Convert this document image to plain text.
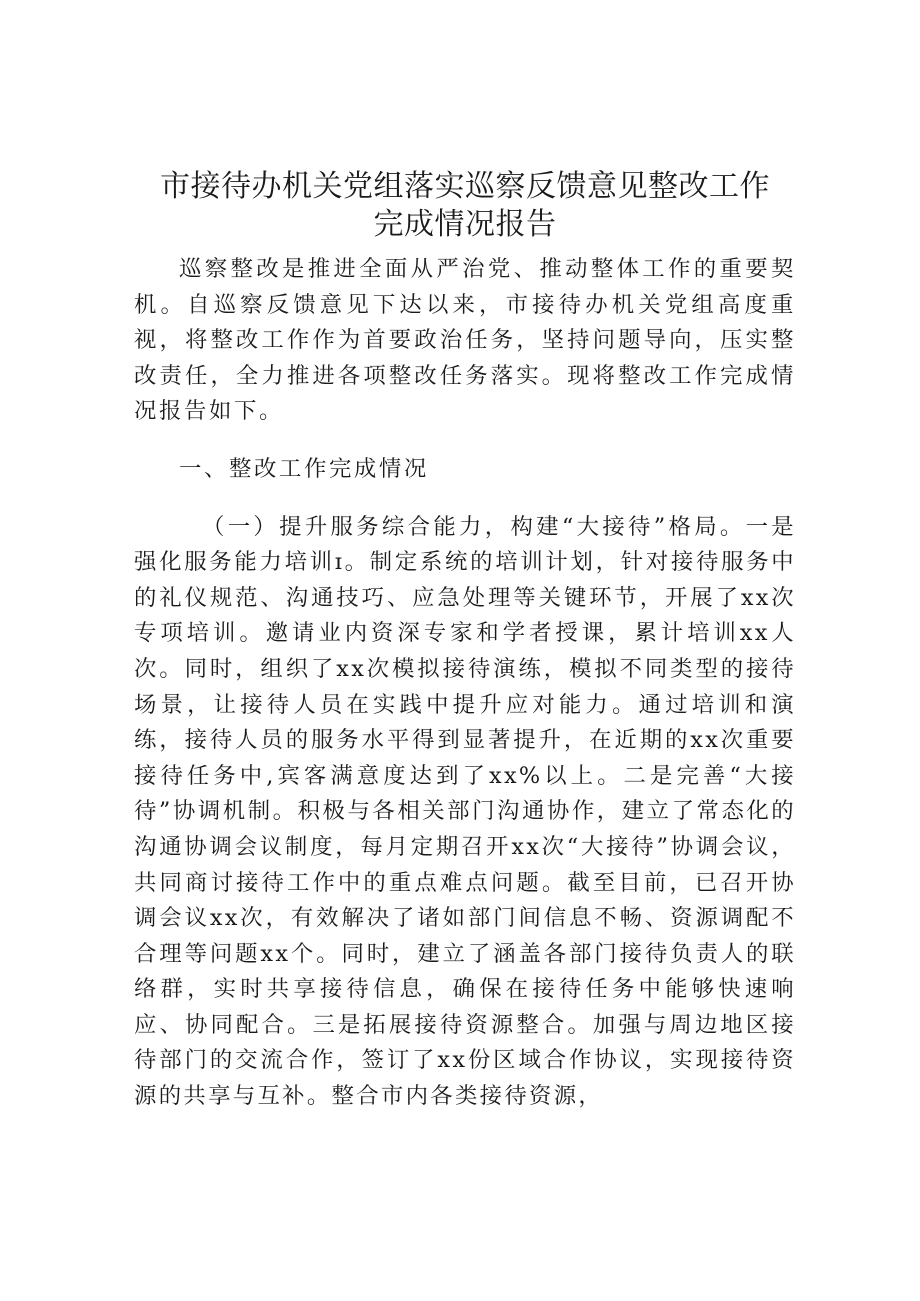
市接待办机关党组落实巡察反馈意见整改工作
完成情况报告

巡察整改是推进全面从严治党、推动整体工作的重要契机。自巡察反馈意见下达以来，市接待办机关党组高度重视，将整改工作作为首要政治任务，坚持问题导向，压实整改责任，全力推进各项整改任务落实。现将整改工作完成情况报告如下。

一、整改工作完成情况

（一）提升服务综合能力，构建“大接待”格局。一是强化服务能力培训ɪ。制定系统的培训计划，针对接待服务中的礼仪规范、沟通技巧、应急处理等关键环节，开展了xx次专项培训。邀请业内资深专家和学者授课，累计培训xx人次。同时，组织了xx次模拟接待演练，模拟不同类型的接待场景，让接待人员在实践中提升应对能力。通过培训和演练，接待人员的服务水平得到显著提升，在近期的xx次重要接待任务中,宾客满意度达到了xx%以上。二是完善“大接待”协调机制。积极与各相关部门沟通协作，建立了常态化的沟通协调会议制度，每月定期召开xx次“大接待”协调会议，共同商讨接待工作中的重点难点问题。截至目前，已召开协调会议xx次，有效解决了诸如部门间信息不畅、资源调配不合理等问题xx个。同时，建立了涵盖各部门接待负责人的联络群，实时共享接待信息，确保在接待任务中能够快速响应、协同配合。三是拓展接待资源整合。加强与周边地区接待部门的交流合作，签订了xx份区域合作协议，实现接待资源的共享与互补。整合市内各类接待资源，
